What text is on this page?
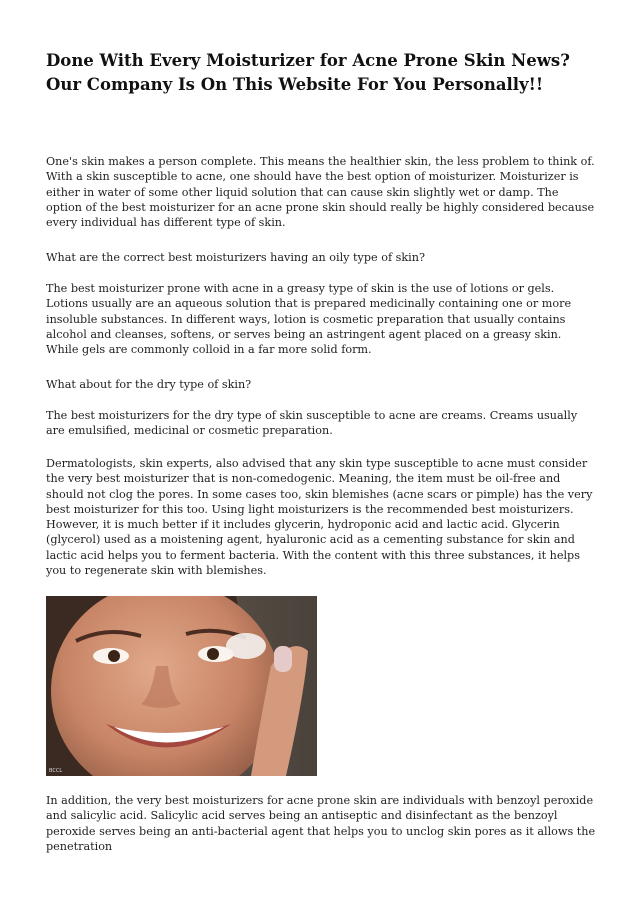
Done With Every Moisturizer for Acne Prone Skin News? Our Company Is On This Website For You Personally!!

One's skin makes a person complete. This means the healthier skin, the less problem to think of. With a skin susceptible to acne, one should have the best option of moisturizer. Moisturizer is either in water of some other liquid solution that can cause skin slightly wet or damp. The option of the best moisturizer for an acne prone skin should really be highly considered because every individual has different type of skin.

What are the correct best moisturizers having an oily type of skin?

The best moisturizer prone with acne in a greasy type of skin is the use of lotions or gels. Lotions usually are an aqueous solution that is prepared medicinally containing one or more insoluble substances. In different ways, lotion is cosmetic preparation that usually contains alcohol and cleanses, softens, or serves being an astringent agent placed on a greasy skin. While gels are commonly colloid in a far more solid form.

What about for the dry type of skin?

The best moisturizers for the dry type of skin susceptible to acne are creams. Creams usually are emulsified, medicinal or cosmetic preparation.

Dermatologists, skin experts, also advised that any skin type susceptible to acne must consider the very best moisturizer that is non-comedogenic. Meaning, the item must be oil-free and should not clog the pores. In some cases too, skin blemishes (acne scars or pimple) has the very best moisturizer for this too. Using light moisturizers is the recommended best moisturizers. However, it is much better if it includes glycerin, hydroponic acid and lactic acid. Glycerin (glycerol) used as a moistening agent, hyaluronic acid as a cementing substance for skin and lactic acid helps you to ferment bacteria. With the content with this three substances, it helps you to regenerate skin with blemishes.

BCCL

In addition, the very best moisturizers for acne prone skin are individuals with benzoyl peroxide and salicylic acid. Salicylic acid serves being an antiseptic and disinfectant as the benzoyl peroxide serves being an anti-bacterial agent that helps you to unclog skin pores as it allows the penetration
